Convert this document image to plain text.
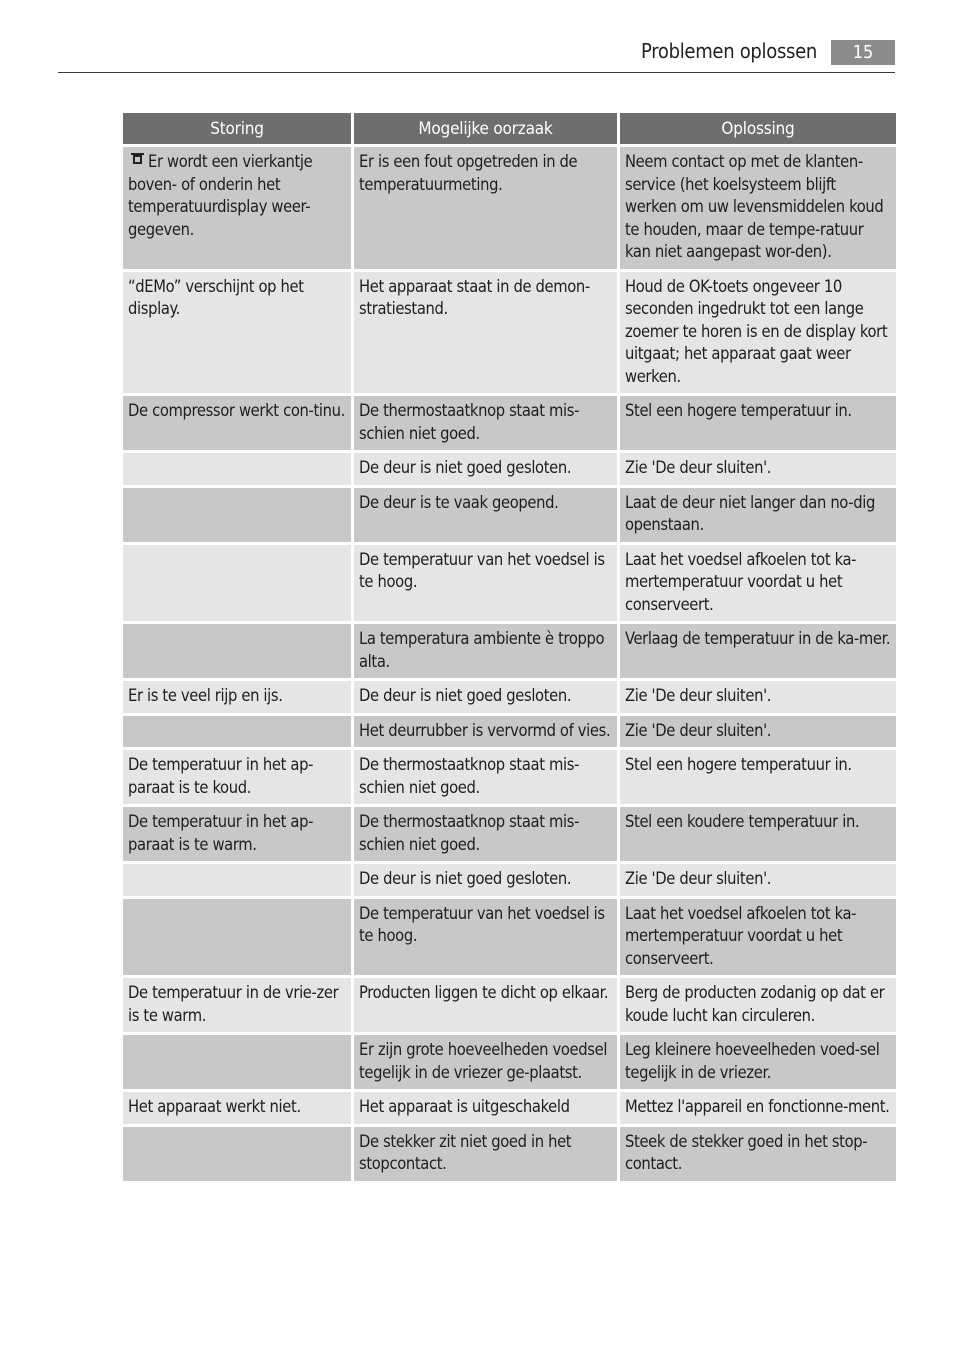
Problemen oplossen	15
Storing	Mogelijke oorzaak	Oplossing
Er wordt een vierkantje boven- of onderin het temperatuurdisplay weer-gegeven.	Er is een fout opgetreden in de temperatuurmeting.	Neem contact op met de klanten-service (het koelsysteem blijft werken om uw levensmiddelen koud te houden, maar de tempe-ratuur kan niet aangepast wor-den).
“dEMo” verschijnt op het display.	Het apparaat staat in de demon-stratiestand.	Houd de OK-toets ongeveer 10 seconden ingedrukt tot een lange zoemer te horen is en de display kort uitgaat; het apparaat gaat weer werken.
De compressor werkt con-tinu.	De thermostaatknop staat mis-schien niet goed.	Stel een hogere temperatuur in.
	De deur is niet goed gesloten.	Zie 'De deur sluiten'.
	De deur is te vaak geopend.	Laat de deur niet langer dan no-dig openstaan.
	De temperatuur van het voedsel is te hoog.	Laat het voedsel afkoelen tot ka-mertemperatuur voordat u het conserveert.
	La temperatura ambiente è troppo alta.	Verlaag de temperatuur in de ka-mer.
Er is te veel rijp en ijs.	De deur is niet goed gesloten.	Zie 'De deur sluiten'.
	Het deurrubber is vervormd of vies.	Zie 'De deur sluiten'.
De temperatuur in het ap-paraat is te koud.	De thermostaatknop staat mis-schien niet goed.	Stel een hogere temperatuur in.
De temperatuur in het ap-paraat is te warm.	De thermostaatknop staat mis-schien niet goed.	Stel een koudere temperatuur in.
	De deur is niet goed gesloten.	Zie 'De deur sluiten'.
	De temperatuur van het voedsel is te hoog.	Laat het voedsel afkoelen tot ka-mertemperatuur voordat u het conserveert.
De temperatuur in de vrie-zer is te warm.	Producten liggen te dicht op elkaar.	Berg de producten zodanig op dat er koude lucht kan circuleren.
	Er zijn grote hoeveelheden voedsel tegelijk in de vriezer ge-plaatst.	Leg kleinere hoeveelheden voed-sel tegelijk in de vriezer.
Het apparaat werkt niet.	Het apparaat is uitgeschakeld	Mettez l'appareil en fonctionne-ment.
	De stekker zit niet goed in het stopcontact.	Steek de stekker goed in het stop-contact.
